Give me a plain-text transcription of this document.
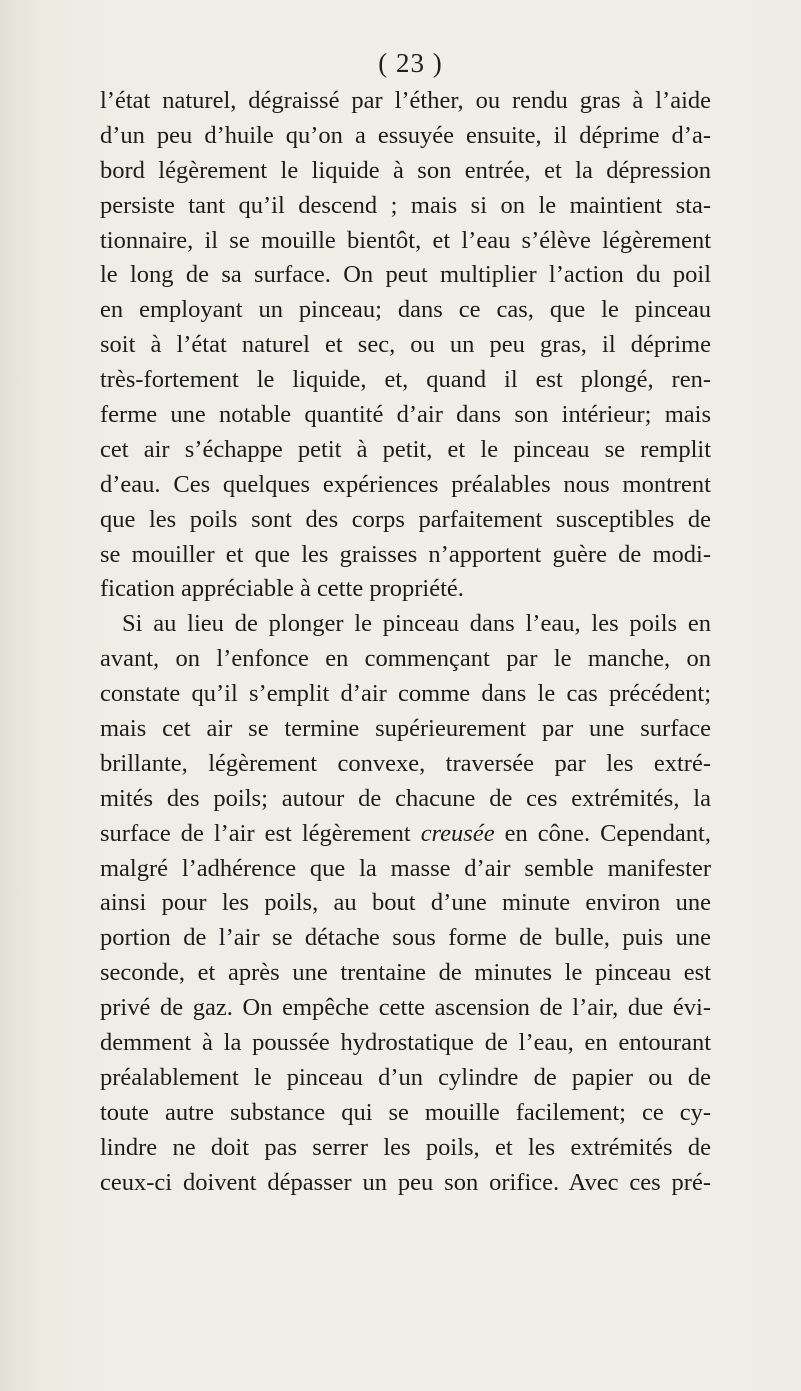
( 23 )
l’état naturel, dégraissé par l’éther, ou rendu gras à l’aide
d’un peu d’huile qu’on a essuyée ensuite, il déprime d’a-
bord légèrement le liquide à son entrée, et la dépression
persiste tant qu’il descend ; mais si on le maintient sta-
tionnaire, il se mouille bientôt, et l’eau s’élève légèrement
le long de sa surface. On peut multiplier l’action du poil
en employant un pinceau; dans ce cas, que le pinceau
soit à l’état naturel et sec, ou un peu gras, il déprime
très-fortement le liquide, et, quand il est plongé, ren-
ferme une notable quantité d’air dans son intérieur; mais
cet air s’échappe petit à petit, et le pinceau se remplit
d’eau. Ces quelques expériences préalables nous montrent
que les poils sont des corps parfaitement susceptibles de
se mouiller et que les graisses n’apportent guère de modi-
fication appréciable à cette propriété.
Si au lieu de plonger le pinceau dans l’eau, les poils en
avant, on l’enfonce en commençant par le manche, on
constate qu’il s’emplit d’air comme dans le cas précédent;
mais cet air se termine supérieurement par une surface
brillante, légèrement convexe, traversée par les extré-
mités des poils; autour de chacune de ces extrémités, la
surface de l’air est légèrement creusée en cône. Cependant,
malgré l’adhérence que la masse d’air semble manifester
ainsi pour les poils, au bout d’une minute environ une
portion de l’air se détache sous forme de bulle, puis une
seconde, et après une trentaine de minutes le pinceau est
privé de gaz. On empêche cette ascension de l’air, due évi-
demment à la poussée hydrostatique de l’eau, en entourant
préalablement le pinceau d’un cylindre de papier ou de
toute autre substance qui se mouille facilement; ce cy-
lindre ne doit pas serrer les poils, et les extrémités de
ceux-ci doivent dépasser un peu son orifice. Avec ces pré-
